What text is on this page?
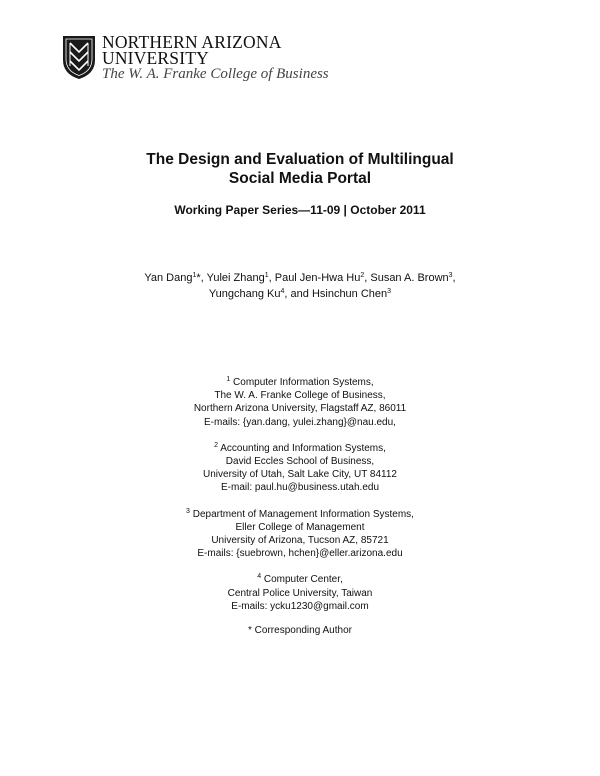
NORTHERN ARIZONA
UNIVERSITY
The W. A. Franke College of Business
The Design and Evaluation of Multilingual
Social Media Portal
Working Paper Series—11-09 | October 2011
Yan Dang$^1$*, Yulei Zhang$^1$, Paul Jen-Hwa Hu$^2$, Susan A. Brown$^3$,
Yungchang Ku$^4$, and Hsinchun Chen$^3$
$^1$ Computer Information Systems,
The W. A. Franke College of Business,
Northern Arizona University, Flagstaff AZ, 86011
E-mails: {yan.dang, yulei.zhang}@nau.edu,
$^2$ Accounting and Information Systems,
David Eccles School of Business,
University of Utah, Salt Lake City, UT 84112
E-mail: paul.hu@business.utah.edu
$^3$ Department of Management Information Systems,
Eller College of Management
University of Arizona, Tucson AZ, 85721
E-mails: {suebrown, hchen}@eller.arizona.edu
$^4$ Computer Center,
Central Police University, Taiwan
E-mails: ycku1230@gmail.com
* Corresponding Author
